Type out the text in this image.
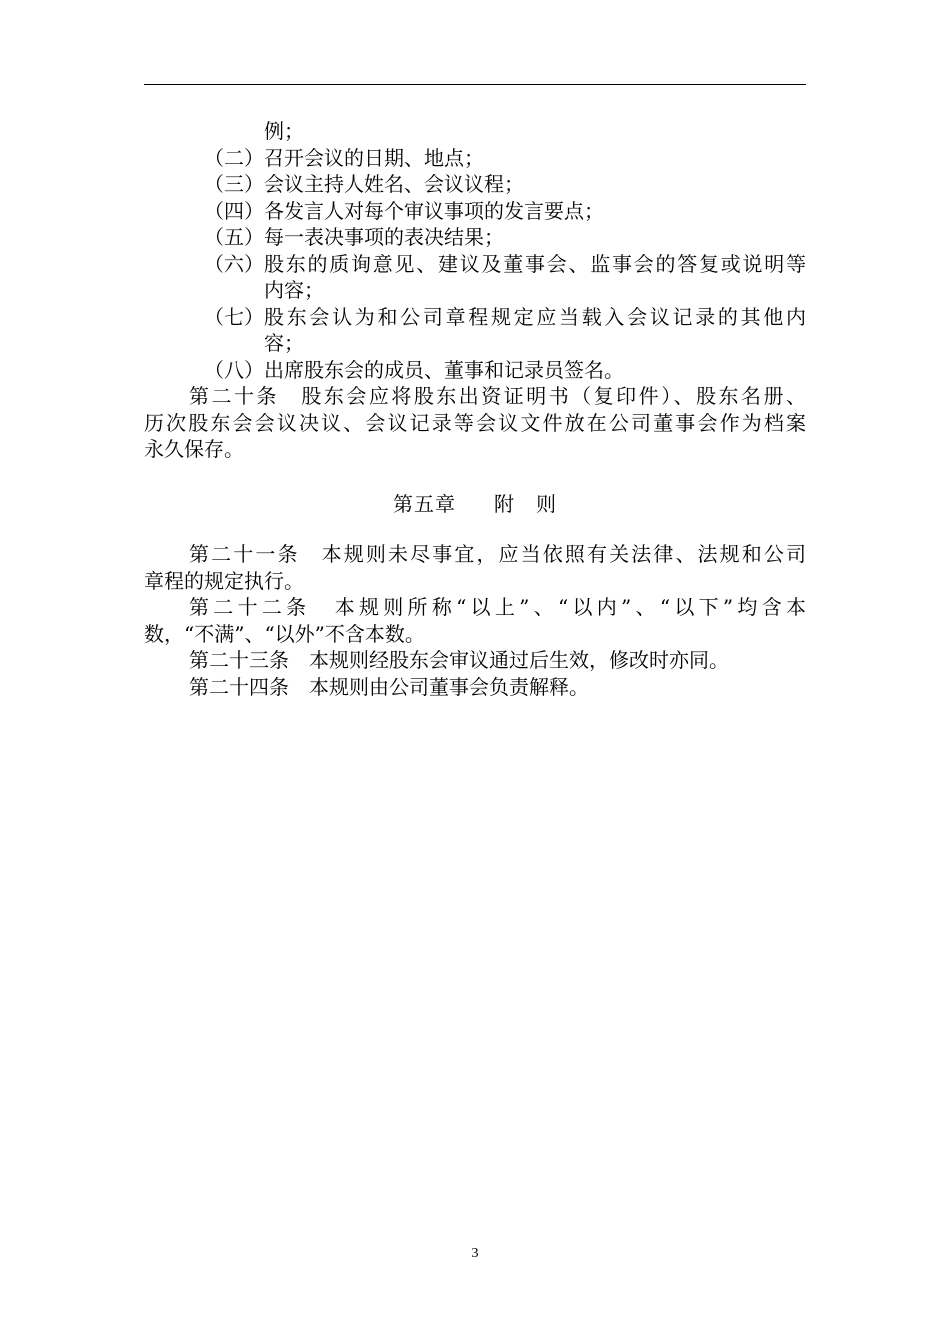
例；
（二） 召开会议的日期、地点；
（三） 会议主持人姓名、会议议程；
（四） 各发言人对每个审议事项的发言要点；
（五） 每一表决事项的表决结果；
（六） 股东的质询意见、建议及董事会、监事会的答复或说明等
内容；
（七） 股东会认为和公司章程规定应当载入会议记录的其他内
容；
（八） 出席股东会的成员、董事和记录员签名。
第二十条　股东会应将股东出资证明书（复印件）、股东名册、
历次股东会会议决议、会议记录等会议文件放在公司董事会作为档案
永久保存。
第五章 附　则
第二十一条　本规则未尽事宜，应当依照有关法律、法规和公司
章程的规定执行。
第二十二条　本规则所称“以上”、“以内”、“以下”均含本
数，“不满”、“以外”不含本数。
第二十三条　本规则经股东会审议通过后生效，修改时亦同。
第二十四条　本规则由公司董事会负责解释。
3
